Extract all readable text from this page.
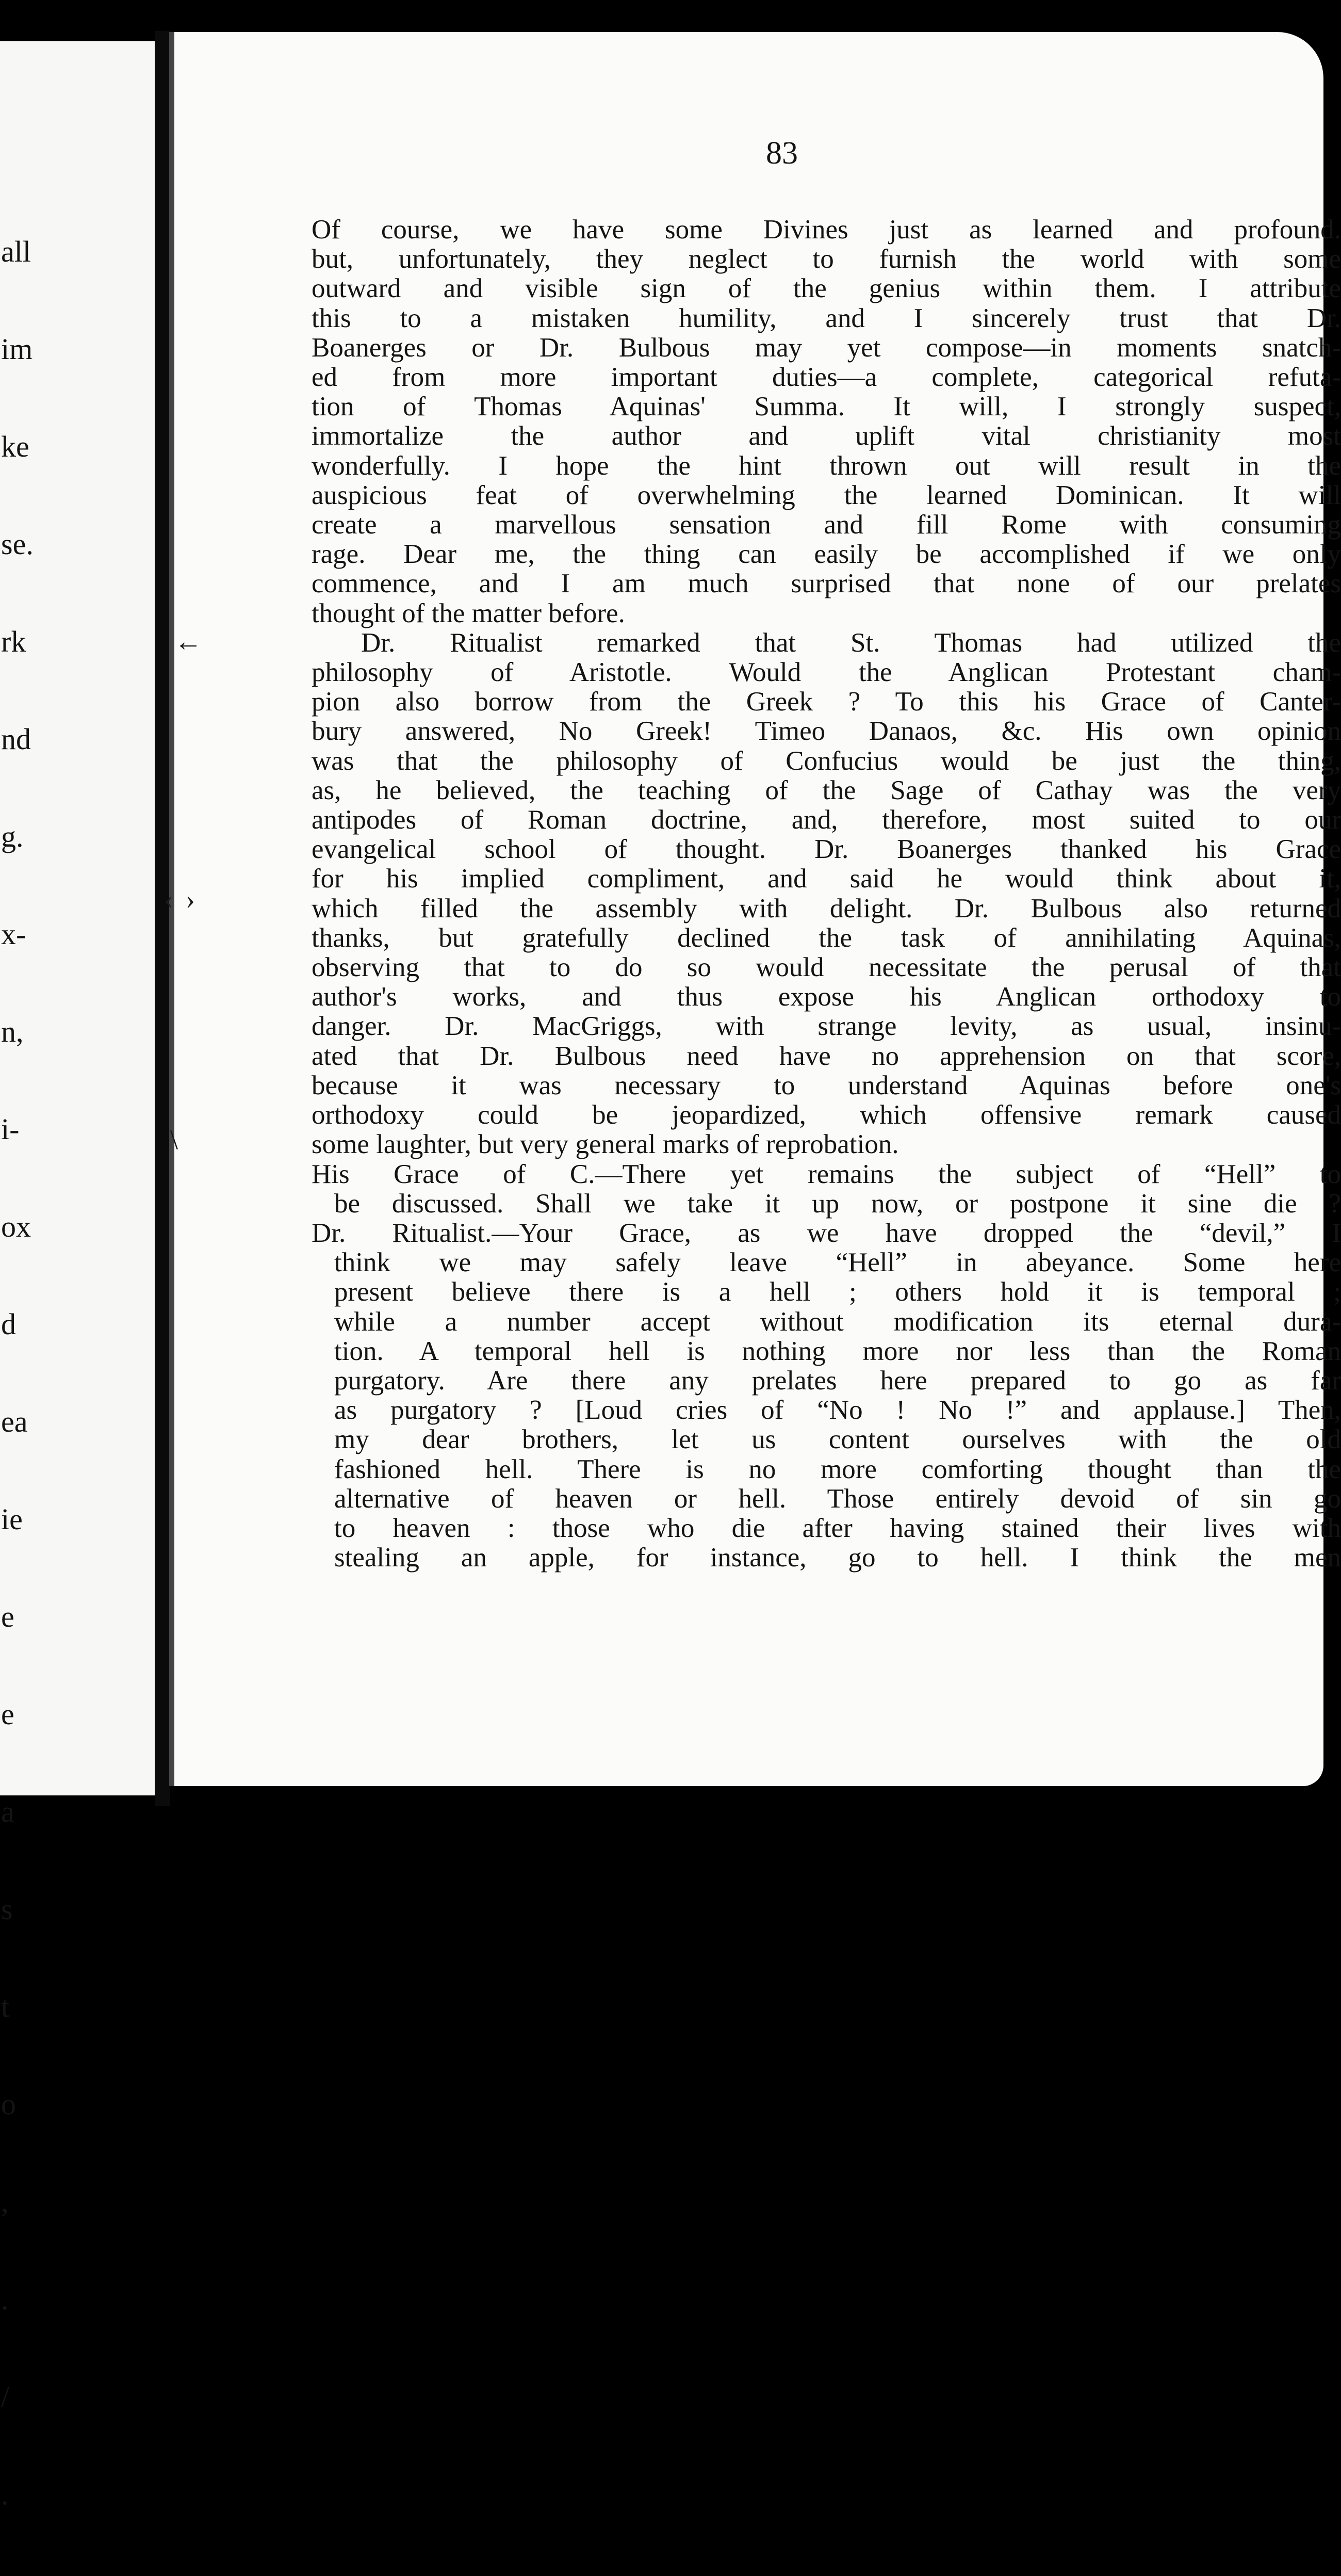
all

im

ke

se.

rk

nd

g.

x-

n,

i-

ox

d

ea

ie

e

e

a

s

t

o

,

.

/

.

83
Of course, we have some Divines just as learned and profound.
but, unfortunately, they neglect to furnish the world with some
outward and visible sign of the genius within them. I attribute
this to a mistaken humility, and I sincerely trust that Dr.
Boanerges or Dr. Bulbous may yet compose—in moments snatch-
ed from more important duties—a complete, categorical refuta-
tion of Thomas Aquinas' Summa. It will, I strongly suspect,
immortalize the author and uplift vital christianity most
wonderfully. I hope the hint thrown out will result in the
auspicious feat of overwhelming the learned Dominican. It will
create a marvellous sensation and fill Rome with consuming
rage. Dear me, the thing can easily be accomplished if we only
commence, and I am much surprised that none of our prelates
thought of the matter before.
Dr. Ritualist remarked that St. Thomas had utilized the
philosophy of Aristotle. Would the Anglican Protestant cham-
pion also borrow from the Greek ? To this his Grace of Canter-
bury answered, No Greek! Timeo Danaos, &c. His own opinion
was that the philosophy of Confucius would be just the thing,
as, he believed, the teaching of the Sage of Cathay was the very
antipodes of Roman doctrine, and, therefore, most suited to our
evangelical school of thought. Dr. Boanerges thanked his Grace
for his implied compliment, and said he would think about it,
which filled the assembly with delight. Dr. Bulbous also returned
thanks, but gratefully declined the task of annihilating Aquinas,
observing that to do so would necessitate the perusal of that
author's works, and thus expose his Anglican orthodoxy to
danger. Dr. MacGriggs, with strange levity, as usual, insinu-
ated that Dr. Bulbous need have no apprehension on that score,
because it was necessary to understand Aquinas before one's
orthodoxy could be jeopardized, which offensive remark caused
some laughter, but very general marks of reprobation.
His Grace of C.—There yet remains the subject of “Hell” to
be discussed. Shall we take it up now, or postpone it sine die ?
Dr. Ritualist.—Your Grace, as we have dropped the “devil,” I
think we may safely leave “Hell” in abeyance. Some here
present believe there is a hell ; others hold it is temporal ;
while a number accept without modification its eternal dura-
tion. A temporal hell is nothing more nor less than the Roman
purgatory. Are there any prelates here prepared to go as far
as purgatory ? [Loud cries of “No ! No !” and applause.] Then,
my dear brothers, let us content ourselves with the old
fashioned hell. There is no more comforting thought than the
alternative of heaven or hell. Those entirely devoid of sin go
to heaven : those who die after having stained their lives with
stealing an apple, for instance, go to hell. I think the men
←
‹ ›
\
